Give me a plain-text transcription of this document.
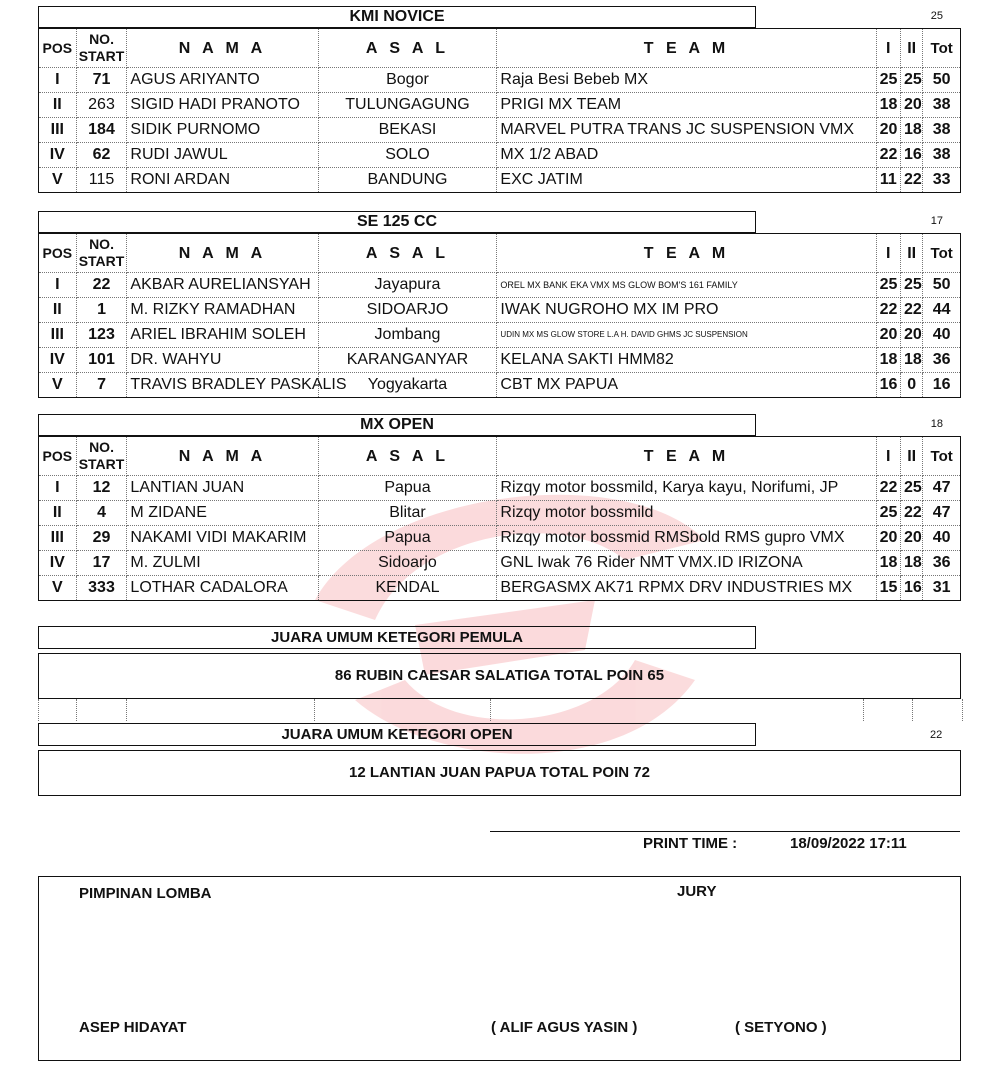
KMI NOVICE	25
POS	NO. START	N A M A	A S A L	T E A M	I	II	Tot
I	71	AGUS ARIYANTO	Bogor	Raja Besi Bebeb MX	25	25	50
II	263	SIGID HADI PRANOTO	TULUNGAGUNG	PRIGI MX TEAM	18	20	38
III	184	SIDIK PURNOMO	BEKASI	MARVEL PUTRA TRANS JC SUSPENSION VMX	20	18	38
IV	62	RUDI JAWUL	SOLO	MX 1/2 ABAD	22	16	38
V	115	RONI ARDAN	BANDUNG	EXC JATIM	11	22	33
SE 125 CC	17
POS	NO. START	N A M A	A S A L	T E A M	I	II	Tot
I	22	AKBAR AURELIANSYAH	Jayapura	OREL MX BANK EKA VMX MS GLOW BOM'S 161 FAMILY	25	25	50
II	1	M. RIZKY RAMADHAN	SIDOARJO	IWAK NUGROHO MX IM PRO	22	22	44
III	123	ARIEL IBRAHIM SOLEH	Jombang	UDIN MX MS GLOW STORE L.A H. DAVID GHMS JC SUSPENSION	20	20	40
IV	101	DR. WAHYU	KARANGANYAR	KELANA SAKTI HMM82	18	18	36
V	7	TRAVIS BRADLEY PASKALIS	Yogyakarta	CBT MX PAPUA	16	0	16
MX OPEN	18
POS	NO. START	N A M A	A S A L	T E A M	I	II	Tot
I	12	LANTIAN JUAN	Papua	Rizqy motor bossmild, Karya kayu, Norifumi, JP	22	25	47
II	4	M ZIDANE	Blitar	Rizqy motor bossmild	25	22	47
III	29	NAKAMI VIDI MAKARIM	Papua	Rizqy motor bossmid RMSbold RMS gupro VMX	20	20	40
IV	17	M. ZULMI	Sidoarjo	GNL Iwak 76 Rider NMT VMX.ID IRIZONA	18	18	36
V	333	LOTHAR CADALORA	KENDAL	BERGASMX AK71 RPMX DRV INDUSTRIES MX	15	16	31
JUARA UMUM KETEGORI PEMULA
86 RUBIN CAESAR SALATIGA TOTAL POIN 65
JUARA UMUM KETEGORI OPEN	22
12 LANTIAN JUAN PAPUA TOTAL POIN 72
PRINT TIME :	18/09/2022 17:11
PIMPINAN LOMBA	JURY
ASEP HIDAYAT	( ALIF AGUS YASIN )	( SETYONO )
